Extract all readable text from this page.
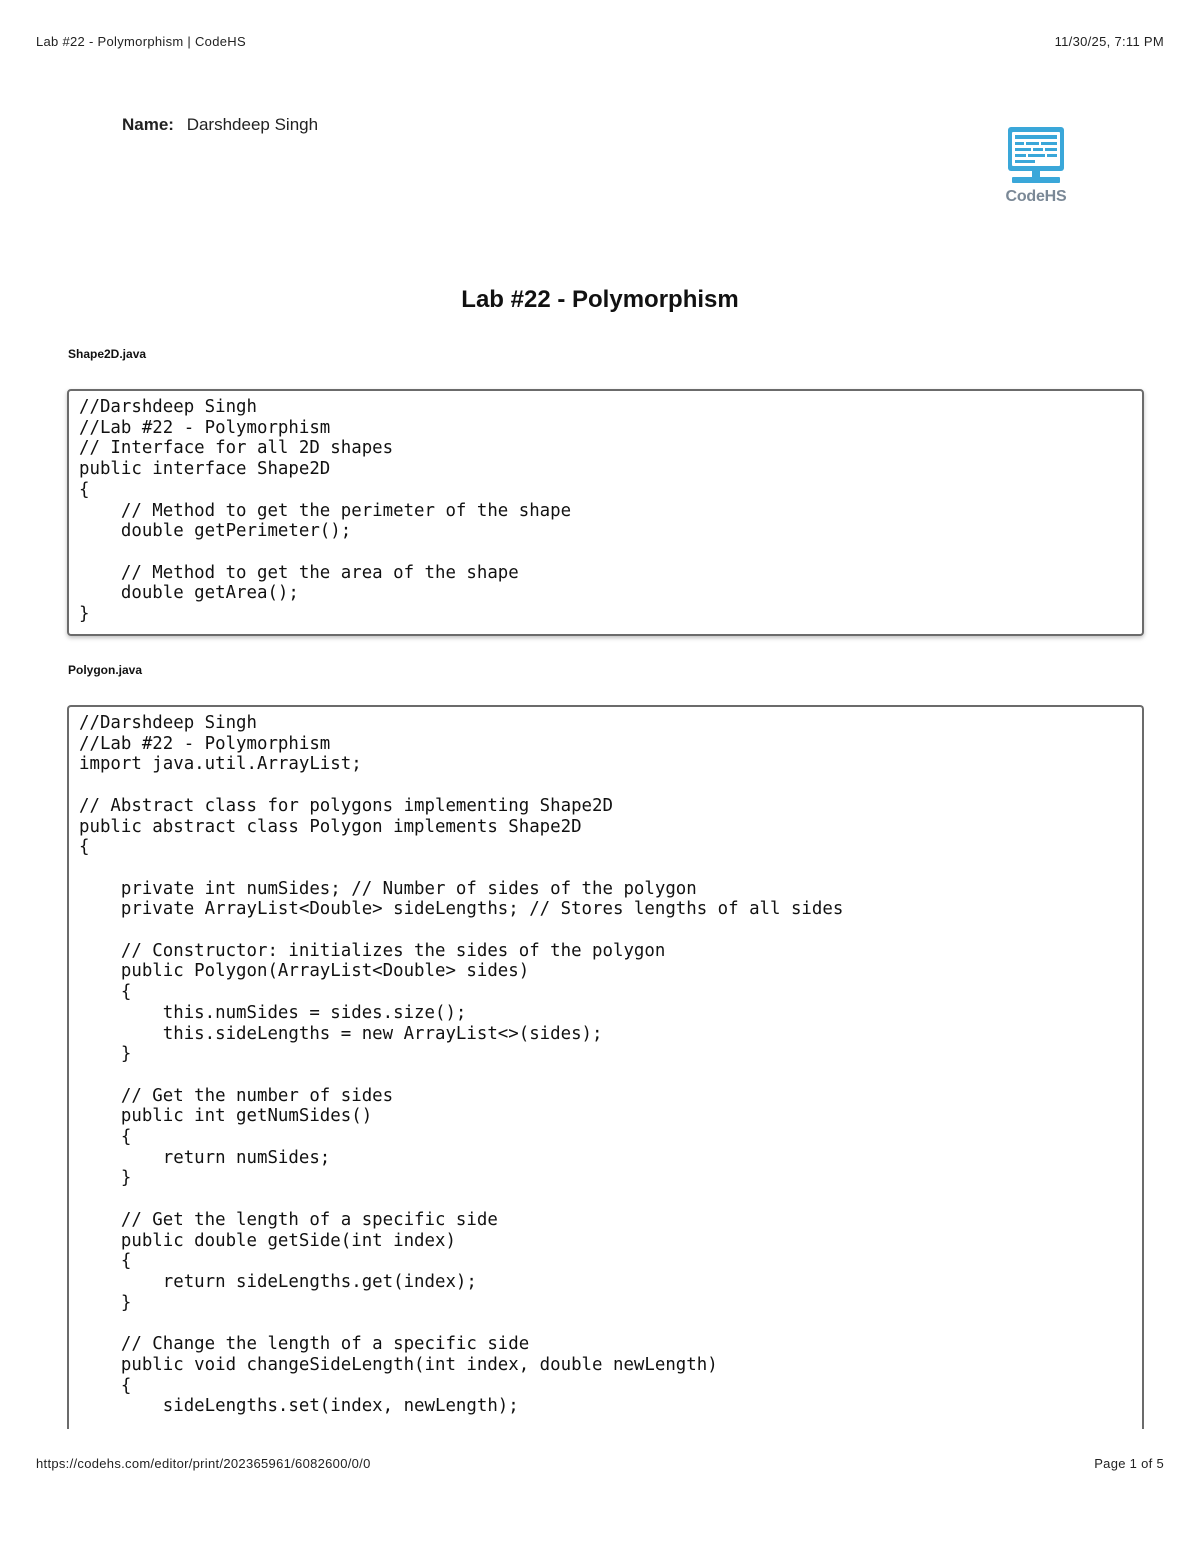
Lab #22 - Polymorphism | CodeHS	11/30/25, 7:11 PM
Name: Darshdeep Singh
CodeHS
Lab #22 - Polymorphism
Shape2D.java
//Darshdeep Singh
//Lab #22 - Polymorphism
// Interface for all 2D shapes
public interface Shape2D
{
// Method to get the perimeter of the shape
double getPerimeter();

// Method to get the area of the shape
double getArea();
}
Polygon.java
//Darshdeep Singh
//Lab #22 - Polymorphism
import java.util.ArrayList;

// Abstract class for polygons implementing Shape2D
public abstract class Polygon implements Shape2D
{

private int numSides; // Number of sides of the polygon
private ArrayList<Double> sideLengths; // Stores lengths of all sides

// Constructor: initializes the sides of the polygon
public Polygon(ArrayList<Double> sides)
{
this.numSides = sides.size();
this.sideLengths = new ArrayList<>(sides);
}

// Get the number of sides
public int getNumSides()
{
return numSides;
}

// Get the length of a specific side
public double getSide(int index)
{
return sideLengths.get(index);
}

// Change the length of a specific side
public void changeSideLength(int index, double newLength)
{
sideLengths.set(index, newLength);
https://codehs.com/editor/print/202365961/6082600/0/0	Page 1 of 5
